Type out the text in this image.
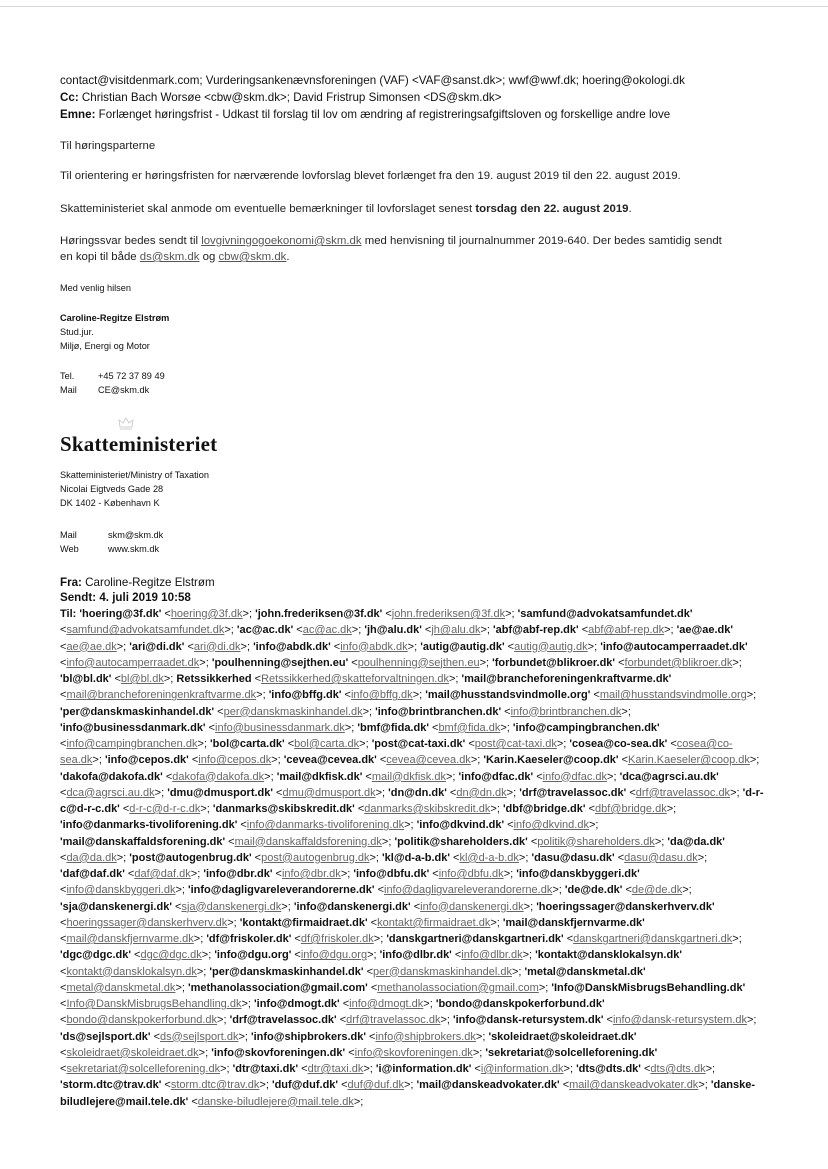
contact@visitdenmark.com; Vurderingsankenævnsforeningen (VAF) <VAF@sanst.dk>; wwf@wwf.dk; hoering@okologi.dk
Cc: Christian Bach Worsøe <cbw@skm.dk>; David Fristrup Simonsen <DS@skm.dk>
Emne: Forlænget høringsfrist - Udkast til forslag til lov om ændring af registreringsafgiftsloven og forskellige andre love
Til høringsparterne
Til orientering er høringsfristen for nærværende lovforslag blevet forlænget fra den 19. august 2019 til den 22. august 2019.
Skatteministeriet skal anmode om eventuelle bemærkninger til lovforslaget senest torsdag den 22. august 2019.
Høringssvar bedes sendt til lovgivningogoekonomi@skm.dk med henvisning til journalnummer 2019-640. Der bedes samtidig sendt
en kopi til både ds@skm.dk og cbw@skm.dk.
Med venlig hilsen
Caroline-Regitze Elstrøm
Stud.jur.
Miljø, Energi og Motor
Tel.	+45 72 37 89 49
Mail	CE@skm.dk
Skatteministeriet
Skatteministeriet/Ministry of Taxation
Nicolai Eigtveds Gade 28
DK 1402 - København K
Mail	skm@skm.dk
Web	www.skm.dk
Fra: Caroline-Regitze Elstrøm
Sendt: 4. juli 2019 10:58
Til: 'hoering@3f.dk' <hoering@3f.dk>; 'john.frederiksen@3f.dk' <john.frederiksen@3f.dk>; 'samfund@advokatsamfundet.dk' <samfund@advokatsamfundet.dk>; 'ac@ac.dk' <ac@ac.dk>; 'jh@alu.dk' <jh@alu.dk>; 'abf@abf-rep.dk' <abf@abf-rep.dk>; 'ae@ae.dk' <ae@ae.dk>; 'ari@di.dk' <ari@di.dk>; 'info@abdk.dk' <info@abdk.dk>; 'autig@autig.dk' <autig@autig.dk>; 'info@autocamperraadet.dk' <info@autocamperraadet.dk>; 'poulhenning@sejthen.eu' <poulhenning@sejthen.eu>; 'forbundet@blikroer.dk' <forbundet@blikroer.dk>; 'bl@bl.dk' <bl@bl.dk>; Retssikkerhed <Retssikkerhed@skatteforvaltningen.dk>; 'mail@brancheforeningenkraftvarme.dk' <mail@brancheforeningenkraftvarme.dk>; 'info@bffg.dk' <info@bffg.dk>; 'mail@husstandsvindmolle.org' <mail@husstandsvindmolle.org>; 'per@danskmaskinhandel.dk' <per@danskmaskinhandel.dk>; 'info@brintbranchen.dk' <info@brintbranchen.dk>; 'info@businessdanmark.dk' <info@businessdanmark.dk>; 'bmf@fida.dk' <bmf@fida.dk>; 'info@campingbranchen.dk' <info@campingbranchen.dk>; 'bol@carta.dk' <bol@carta.dk>; 'post@cat-taxi.dk' <post@cat-taxi.dk>; 'cosea@co-sea.dk' <cosea@co-sea.dk>; 'info@cepos.dk' <info@cepos.dk>; 'cevea@cevea.dk' <cevea@cevea.dk>; 'Karin.Kaeseler@coop.dk' <Karin.Kaeseler@coop.dk>; 'dakofa@dakofa.dk' <dakofa@dakofa.dk>; 'mail@dkfisk.dk' <mail@dkfisk.dk>; 'info@dfac.dk' <info@dfac.dk>; 'dca@agrsci.au.dk' <dca@agrsci.au.dk>; 'dmu@dmusport.dk' <dmu@dmusport.dk>; 'dn@dn.dk' <dn@dn.dk>; 'drf@travelassoc.dk' <drf@travelassoc.dk>; 'd-r-c@d-r-c.dk' <d-r-c@d-r-c.dk>; 'danmarks@skibskredit.dk' <danmarks@skibskredit.dk>; 'dbf@bridge.dk' <dbf@bridge.dk>; 'info@danmarks-tivoliforening.dk' <info@danmarks-tivoliforening.dk>; 'info@dkvind.dk' <info@dkvind.dk>; 'mail@danskaffaldsforening.dk' <mail@danskaffaldsforening.dk>; 'politik@shareholders.dk' <politik@shareholders.dk>; 'da@da.dk' <da@da.dk>; 'post@autogenbrug.dk' <post@autogenbrug.dk>; 'kl@d-a-b.dk' <kl@d-a-b.dk>; 'dasu@dasu.dk' <dasu@dasu.dk>; 'daf@daf.dk' <daf@daf.dk>; 'info@dbr.dk' <info@dbr.dk>; 'info@dbfu.dk' <info@dbfu.dk>; 'info@danskbyggeri.dk' <info@danskbyggeri.dk>; 'info@dagligvareleverandorerne.dk' <info@dagligvareleverandorerne.dk>; 'de@de.dk' <de@de.dk>; 'sja@danskenergi.dk' <sja@danskenergi.dk>; 'info@danskenergi.dk' <info@danskenergi.dk>; 'hoeringssager@danskerhverv.dk' <hoeringssager@danskerhverv.dk>; 'kontakt@firmaidraet.dk' <kontakt@firmaidraet.dk>; 'mail@danskfjernvarme.dk' <mail@danskfjernvarme.dk>; 'df@friskoler.dk' <df@friskoler.dk>; 'danskgartneri@danskgartneri.dk' <danskgartneri@danskgartneri.dk>; 'dgc@dgc.dk' <dgc@dgc.dk>; 'info@dgu.org' <info@dgu.org>; 'info@dlbr.dk' <info@dlbr.dk>; 'kontakt@dansklokalsyn.dk' <kontakt@dansklokalsyn.dk>; 'per@danskmaskinhandel.dk' <per@danskmaskinhandel.dk>; 'metal@danskmetal.dk' <metal@danskmetal.dk>; 'methanolassociation@gmail.com' <methanolassociation@gmail.com>; 'Info@DanskMisbrugsBehandling.dk' <Info@DanskMisbrugsBehandling.dk>; 'info@dmogt.dk' <info@dmogt.dk>; 'bondo@danskpokerforbund.dk' <bondo@danskpokerforbund.dk>; 'drf@travelassoc.dk' <drf@travelassoc.dk>; 'info@dansk-retursystem.dk' <info@dansk-retursystem.dk>; 'ds@sejlsport.dk' <ds@sejlsport.dk>; 'info@shipbrokers.dk' <info@shipbrokers.dk>; 'skoleidraet@skoleidraet.dk' <skoleidraet@skoleidraet.dk>; 'info@skovforeningen.dk' <info@skovforeningen.dk>; 'sekretariat@solcelleforening.dk' <sekretariat@solcelleforening.dk>; 'dtr@taxi.dk' <dtr@taxi.dk>; 'i@information.dk' <i@information.dk>; 'dts@dts.dk' <dts@dts.dk>; 'storm.dtc@trav.dk' <storm.dtc@trav.dk>; 'duf@duf.dk' <duf@duf.dk>; 'mail@danskeadvokater.dk' <mail@danskeadvokater.dk>; 'danske-biludlejere@mail.tele.dk' <danske-biludlejere@mail.tele.dk>;
